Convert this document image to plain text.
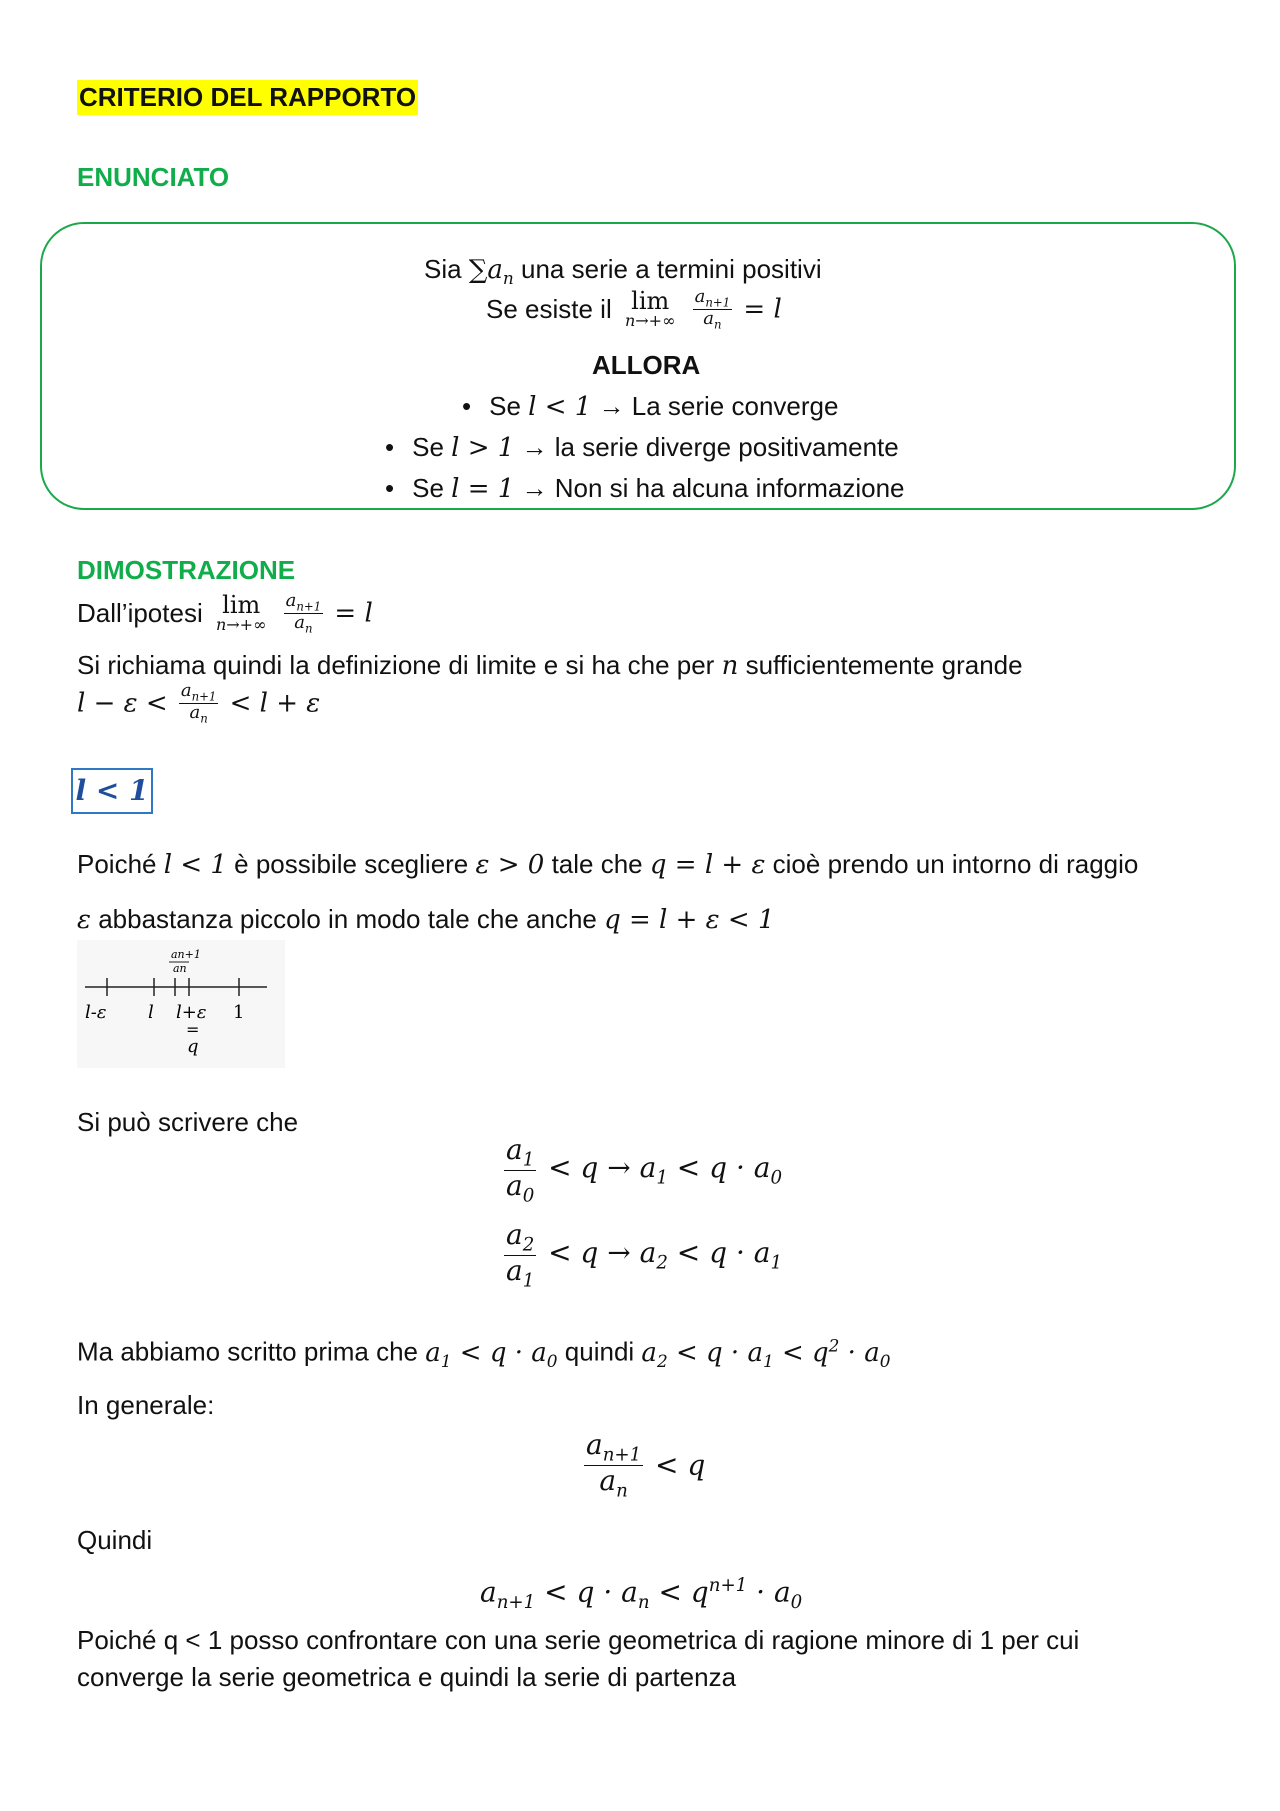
CRITERIO DEL RAPPORTO
ENUNCIATO
Sia $\sum a_n$ una serie a termini positivi
Se esiste il lim
n→+∞
$\frac{a_{n+1}}{a_n} = l$
ALLORA
• Se l < 1 → La serie converge
• Se l > 1 → la serie diverge positivamente
• Se l = 1 → Non si ha alcuna informazione
DIMOSTRAZIONE
Dall’ipotesi lim
n→+∞
$\frac{a_{n+1}}{a_n} = l$
Si richiama quindi la definizione di limite e si ha che per n sufficientemente grande
$l - \varepsilon < \frac{a_{n+1}}{a_n} < l + \varepsilon$
l < 1
Poiché l < 1 è possibile scegliere ε > 0 tale che q = l + ε cioè prendo un intorno di raggio
ε abbastanza piccolo in modo tale che anche q = l + ε < 1
an+1
an
l-ε l l+ε 1
=
q
Si può scrivere che
$\frac{a_1}{a_0} < q \to a_1 < q \cdot a_0$
$\frac{a_2}{a_1} < q \to a_2 < q \cdot a_1$
Ma abbiamo scritto prima che $a_1 < q \cdot a_0$ quindi $a_2 < q \cdot a_1 < q^2 \cdot a_0$
In generale:
$\frac{a_{n+1}}{a_n} < q$
Quindi
$a_{n+1} < q \cdot a_n < q^{n+1} \cdot a_0$
Poiché q < 1 posso confrontare con una serie geometrica di ragione minore di 1 per cui
converge la serie geometrica e quindi la serie di partenza
